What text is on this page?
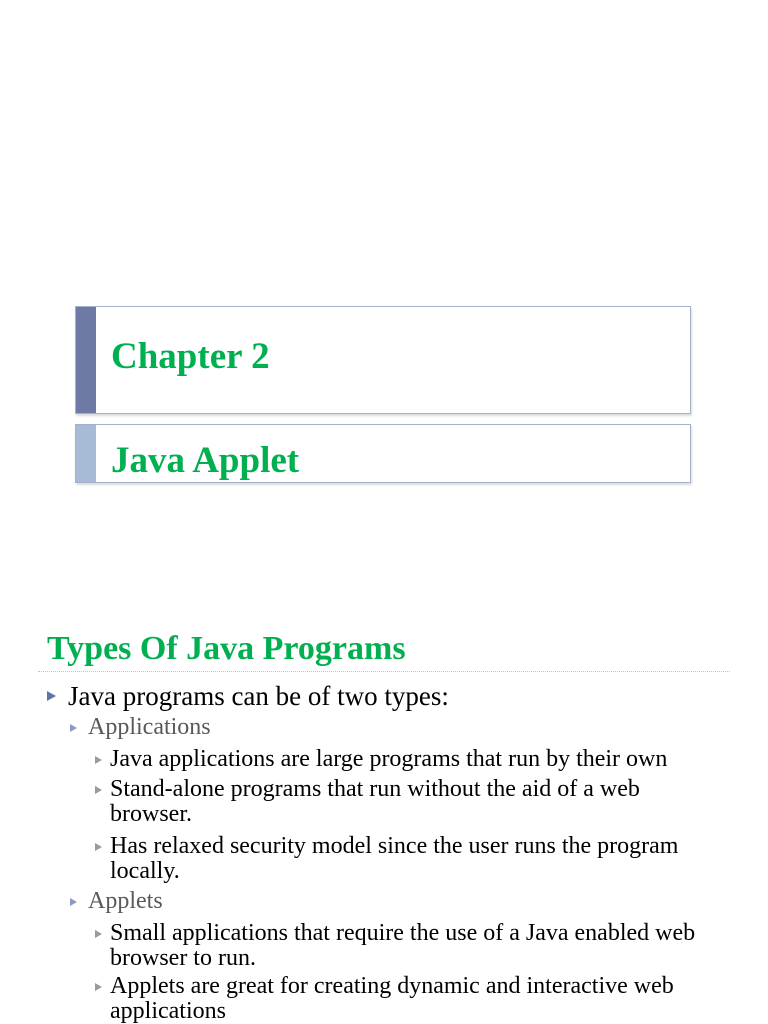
Chapter 2
Java Applet
Types Of Java Programs
Java programs can be of two types:
Applications
Java applications are large programs that run by their own
Stand-alone programs that run without the aid of a web browser.
Has relaxed security model since the user runs the program locally.
Applets
Small applications that require the use of a Java enabled web browser to run.
Applets are great for creating dynamic and interactive web applications
